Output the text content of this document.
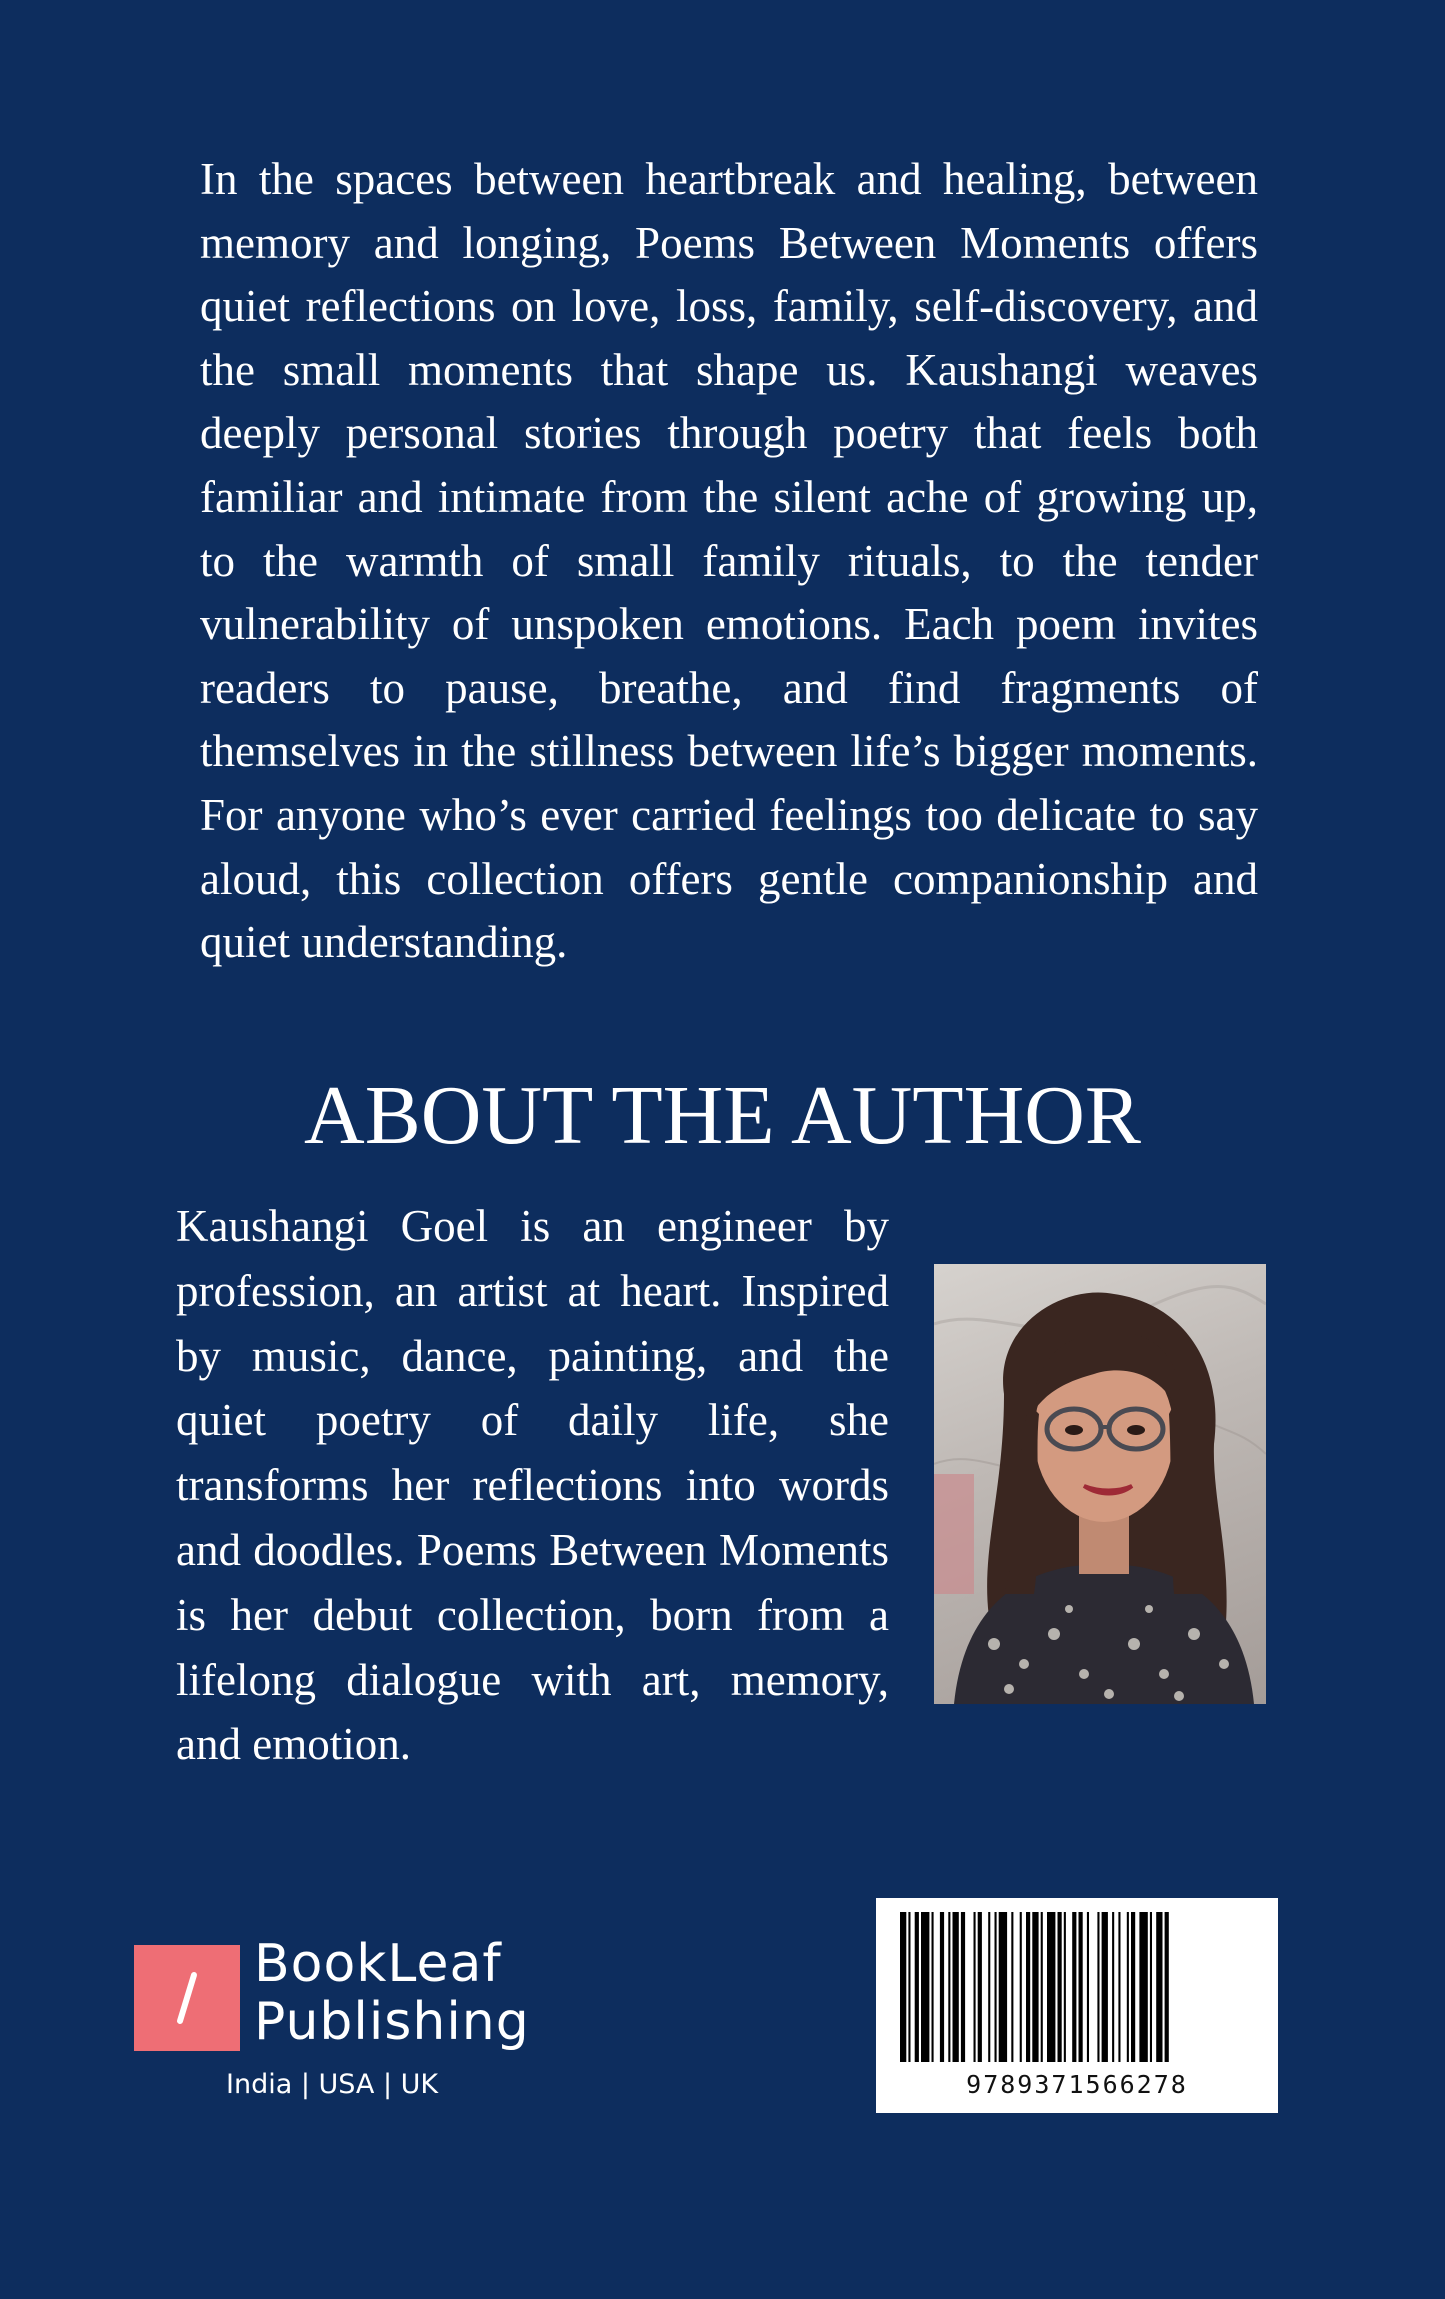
In the spaces between heartbreak and healing, between memory and longing, Poems Between Moments offers quiet reflections on love, loss, family, self-discovery, and the small moments that shape us. Kaushangi weaves deeply personal stories through poetry that feels both familiar and intimate from the silent ache of growing up, to the warmth of small family rituals, to the tender vulnerability of unspoken emotions. Each poem invites readers to pause, breathe, and find fragments of themselves in the stillness between life’s bigger moments. For anyone who’s ever carried feelings too delicate to say aloud, this collection offers gentle companionship and quiet understanding.

ABOUT THE AUTHOR

Kaushangi Goel is an engineer by profession, an artist at heart. Inspired by music, dance, painting, and the quiet poetry of daily life, she transforms her reflections into words and doodles. Poems Between Moments is her debut collection, born from a lifelong dialogue with art, memory, and emotion.

BookLeaf
Publishing
India | USA | UK	9789371566278
